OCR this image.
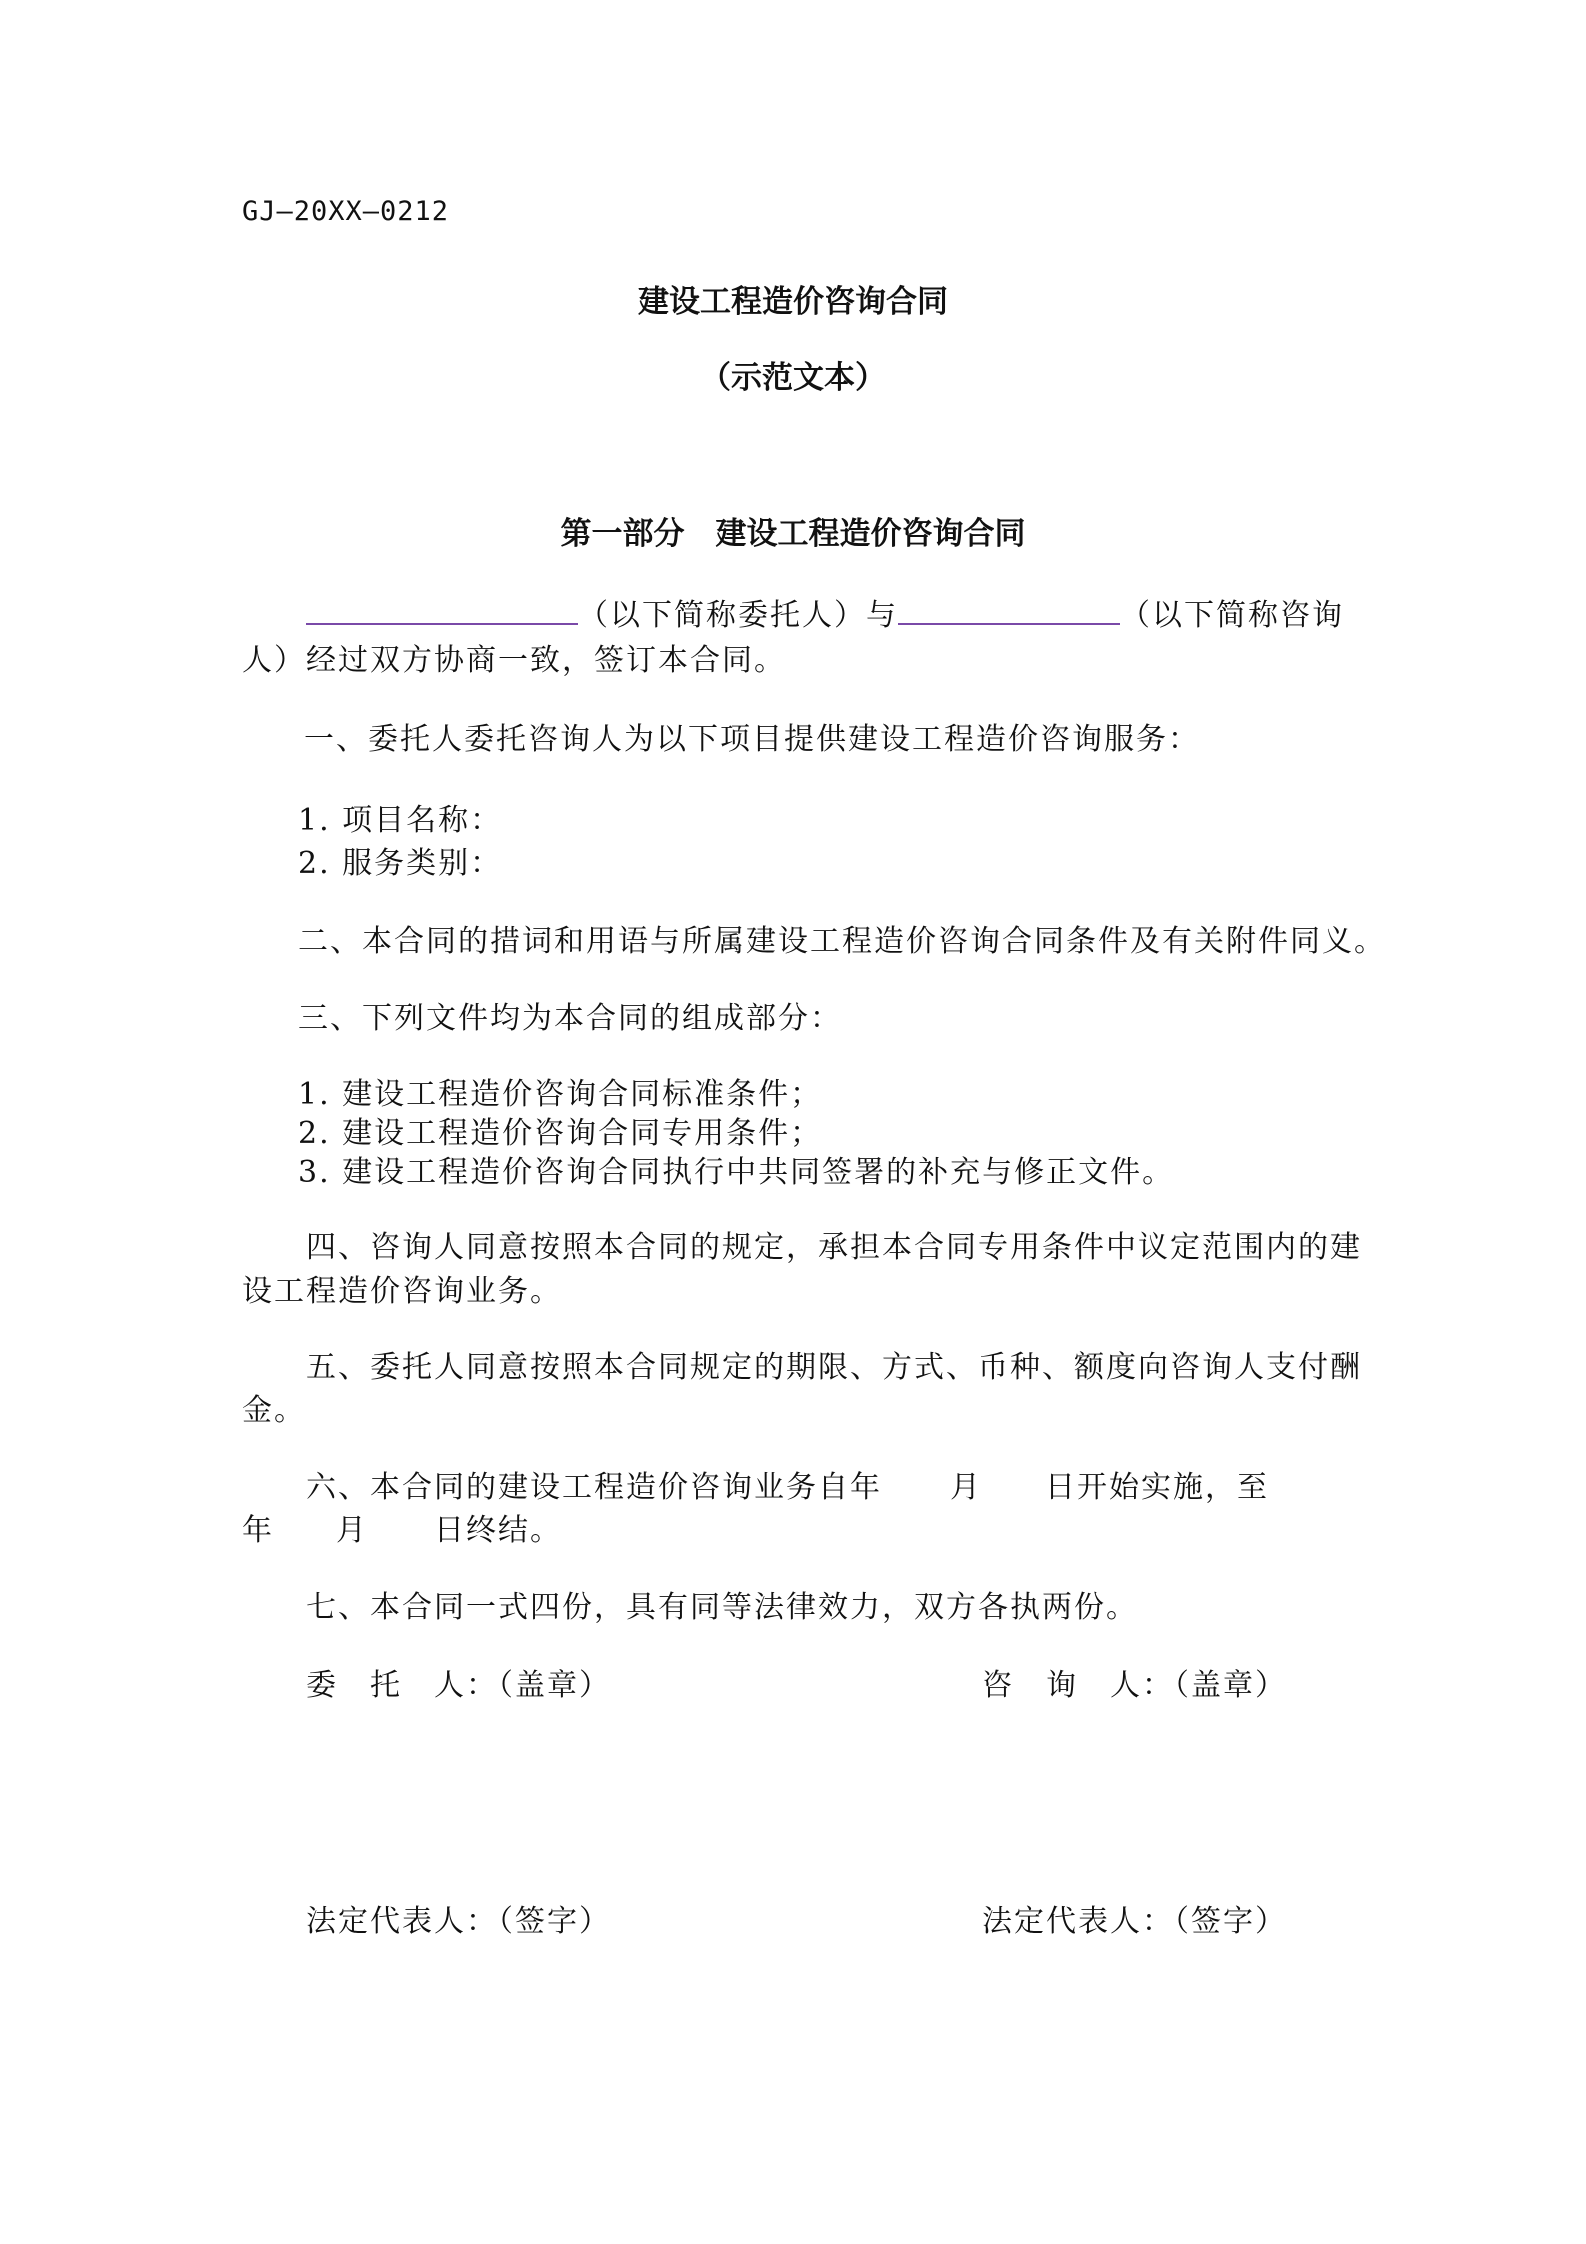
GJ—20XX—0212
建设工程造价咨询合同
（示范文本）
第一部分　建设工程造价咨询合同
（以下简称委托人）与	（以下简称咨询
人）经过双方协商一致，签订本合同。
一、委托人委托咨询人为以下项目提供建设工程造价咨询服务：
1. 项目名称：
2. 服务类别：
二、本合同的措词和用语与所属建设工程造价咨询合同条件及有关附件同义。
三、下列文件均为本合同的组成部分：
1. 建设工程造价咨询合同标准条件；
2. 建设工程造价咨询合同专用条件；
3. 建设工程造价咨询合同执行中共同签署的补充与修正文件。
四、咨询人同意按照本合同的规定，承担本合同专用条件中议定范围内的建
设工程造价咨询业务。
五、委托人同意按照本合同规定的期限、方式、币种、额度向咨询人支付酬
金。
六、本合同的建设工程造价咨询业务自年 月 日开始实施，至
年 月 日终结。
七、本合同一式四份，具有同等法律效力，双方各执两份。
委　托　人：（盖章）	咨　询　人：（盖章）
法定代表人：（签字）	法定代表人：（签字）
